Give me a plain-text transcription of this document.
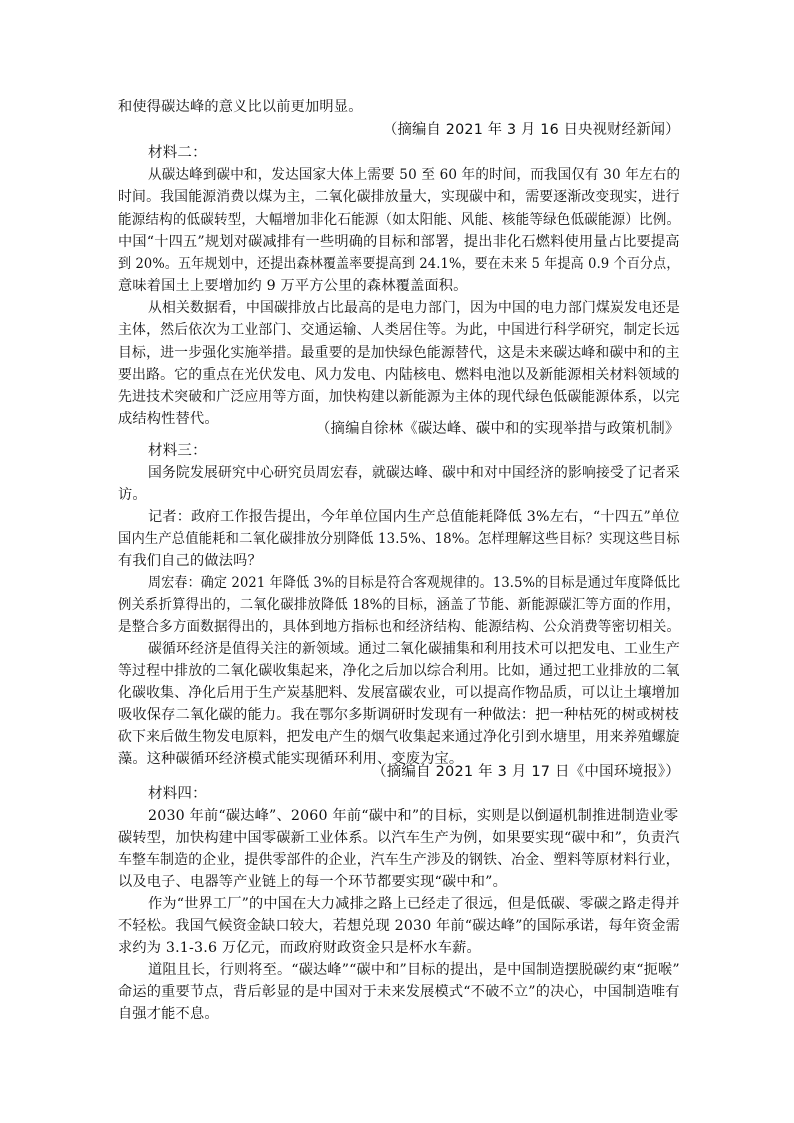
和使得碳达峰的意义比以前更加明显。
（摘编自 2021 年 3 月 16 日央视财经新闻）
材料二：
从碳达峰到碳中和，发达国家大体上需要 50 至 60 年的时间，而我国仅有 30 年左右的
时间。我国能源消费以煤为主，二氧化碳排放量大，实现碳中和，需要逐渐改变现实，进行
能源结构的低碳转型，大幅增加非化石能源（如太阳能、风能、核能等绿色低碳能源）比例。
中国“十四五”规划对碳减排有一些明确的目标和部署，提出非化石燃料使用量占比要提高
到 20%。五年规划中，还提出森林覆盖率要提高到 24.1%，要在未来 5 年提高 0.9 个百分点，
意味着国土上要增加约 9 万平方公里的森林覆盖面积。
从相关数据看，中国碳排放占比最高的是电力部门，因为中国的电力部门煤炭发电还是
主体，然后依次为工业部门、交通运输、人类居住等。为此，中国进行科学研究，制定长远
目标，进一步强化实施举措。最重要的是加快绿色能源替代，这是未来碳达峰和碳中和的主
要出路。它的重点在光伏发电、风力发电、内陆核电、燃料电池以及新能源相关材料领域的
先进技术突破和广泛应用等方面，加快构建以新能源为主体的现代绿色低碳能源体系，以完
成结构性替代。
（摘编自徐林《碳达峰、碳中和的实现举措与政策机制》
材料三：
国务院发展研究中心研究员周宏春，就碳达峰、碳中和对中国经济的影响接受了记者采
访。
记者：政府工作报告提出，今年单位国内生产总值能耗降低 3%左右，“十四五”单位
国内生产总值能耗和二氧化碳排放分别降低 13.5%、18%。怎样理解这些目标？实现这些目标
有我们自己的做法吗？
周宏春：确定 2021 年降低 3%的目标是符合客观规律的。13.5%的目标是通过年度降低比
例关系折算得出的，二氧化碳排放降低 18%的目标，涵盖了节能、新能源碳汇等方面的作用，
是整合多方面数据得出的，具体到地方指标也和经济结构、能源结构、公众消费等密切相关。
碳循环经济是值得关注的新领域。通过二氧化碳捕集和利用技术可以把发电、工业生产
等过程中排放的二氧化碳收集起来，净化之后加以综合利用。比如，通过把工业排放的二氧
化碳收集、净化后用于生产炭基肥料、发展富碳农业，可以提高作物品质，可以让土壤增加
吸收保存二氧化碳的能力。我在鄂尔多斯调研时发现有一种做法：把一种枯死的树或树枝
砍下来后做生物发电原料，把发电产生的烟气收集起来通过净化引到水塘里，用来养殖螺旋
藻。这种碳循环经济模式能实现循环利用、变废为宝。
（摘编自 2021 年 3 月 17 日《中国环境报》）
材料四：
2030 年前“碳达峰”、2060 年前“碳中和”的目标，实则是以倒逼机制推进制造业零
碳转型，加快构建中国零碳新工业体系。以汽车生产为例，如果要实现“碳中和”，负责汽
车整车制造的企业，提供零部件的企业，汽车生产涉及的钢铁、冶金、塑料等原材料行业，
以及电子、电器等产业链上的每一个环节都要实现“碳中和”。
作为“世界工厂”的中国在大力减排之路上已经走了很远，但是低碳、零碳之路走得并
不轻松。我国气候资金缺口较大，若想兑现 2030 年前“碳达峰”的国际承诺，每年资金需
求约为 3.1-3.6 万亿元，而政府财政资金只是杯水车薪。
道阻且长，行则将至。“碳达峰”“碳中和”目标的提出，是中国制造摆脱碳约束“扼喉”
命运的重要节点，背后彰显的是中国对于未来发展模式“不破不立”的决心，中国制造唯有
自强才能不息。
